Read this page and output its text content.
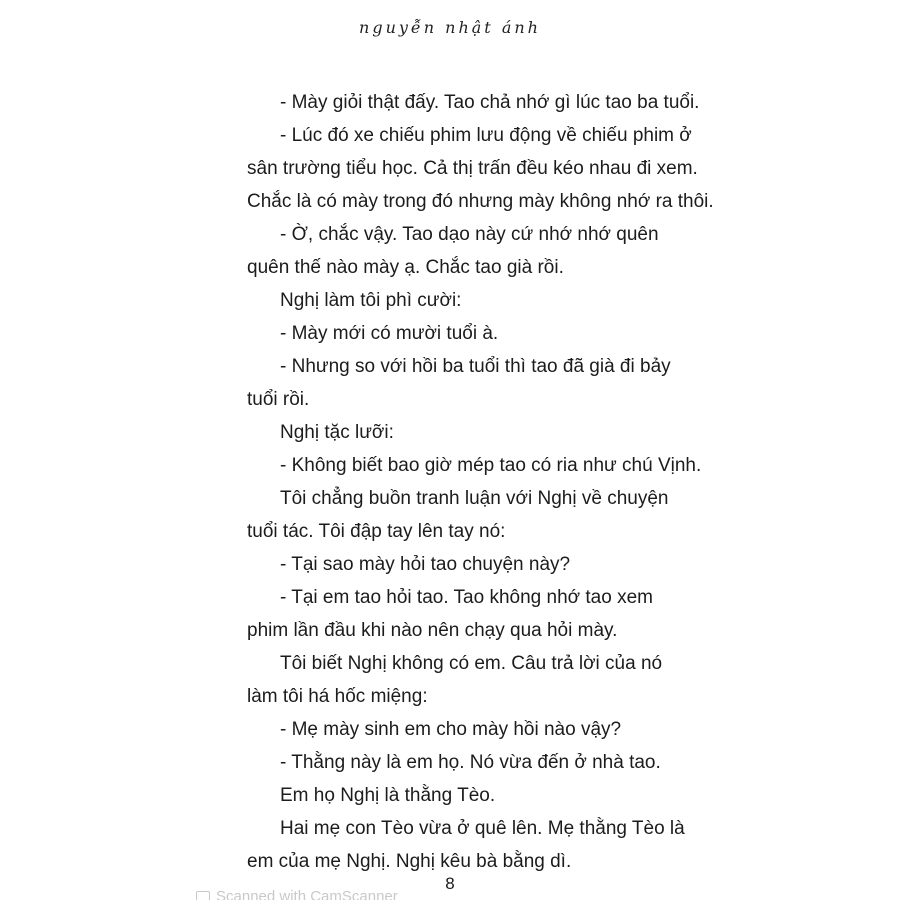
nguyễn nhật ánh
- Mày giỏi thật đấy. Tao chả nhớ gì lúc tao ba tuổi.
- Lúc đó xe chiếu phim lưu động về chiếu phim ở
sân trường tiểu học. Cả thị trấn đều kéo nhau đi xem.
Chắc là có mày trong đó nhưng mày không nhớ ra thôi.
- Ờ, chắc vậy. Tao dạo này cứ nhớ nhớ quên
quên thế nào mày ạ. Chắc tao già rồi.
Nghị làm tôi phì cười:
- Mày mới có mười tuổi à.
- Nhưng so với hồi ba tuổi thì tao đã già đi bảy
tuổi rồi.
Nghị tặc lưỡi:
- Không biết bao giờ mép tao có ria như chú Vịnh.
Tôi chẳng buồn tranh luận với Nghị về chuyện
tuổi tác. Tôi đập tay lên tay nó:
- Tại sao mày hỏi tao chuyện này?
- Tại em tao hỏi tao. Tao không nhớ tao xem
phim lần đầu khi nào nên chạy qua hỏi mày.
Tôi biết Nghị không có em. Câu trả lời của nó
làm tôi há hốc miệng:
- Mẹ mày sinh em cho mày hồi nào vậy?
- Thằng này là em họ. Nó vừa đến ở nhà tao.
Em họ Nghị là thằng Tèo.
Hai mẹ con Tèo vừa ở quê lên. Mẹ thằng Tèo là
em của mẹ Nghị. Nghị kêu bà bằng dì.
8
Scanned with CamScanner
